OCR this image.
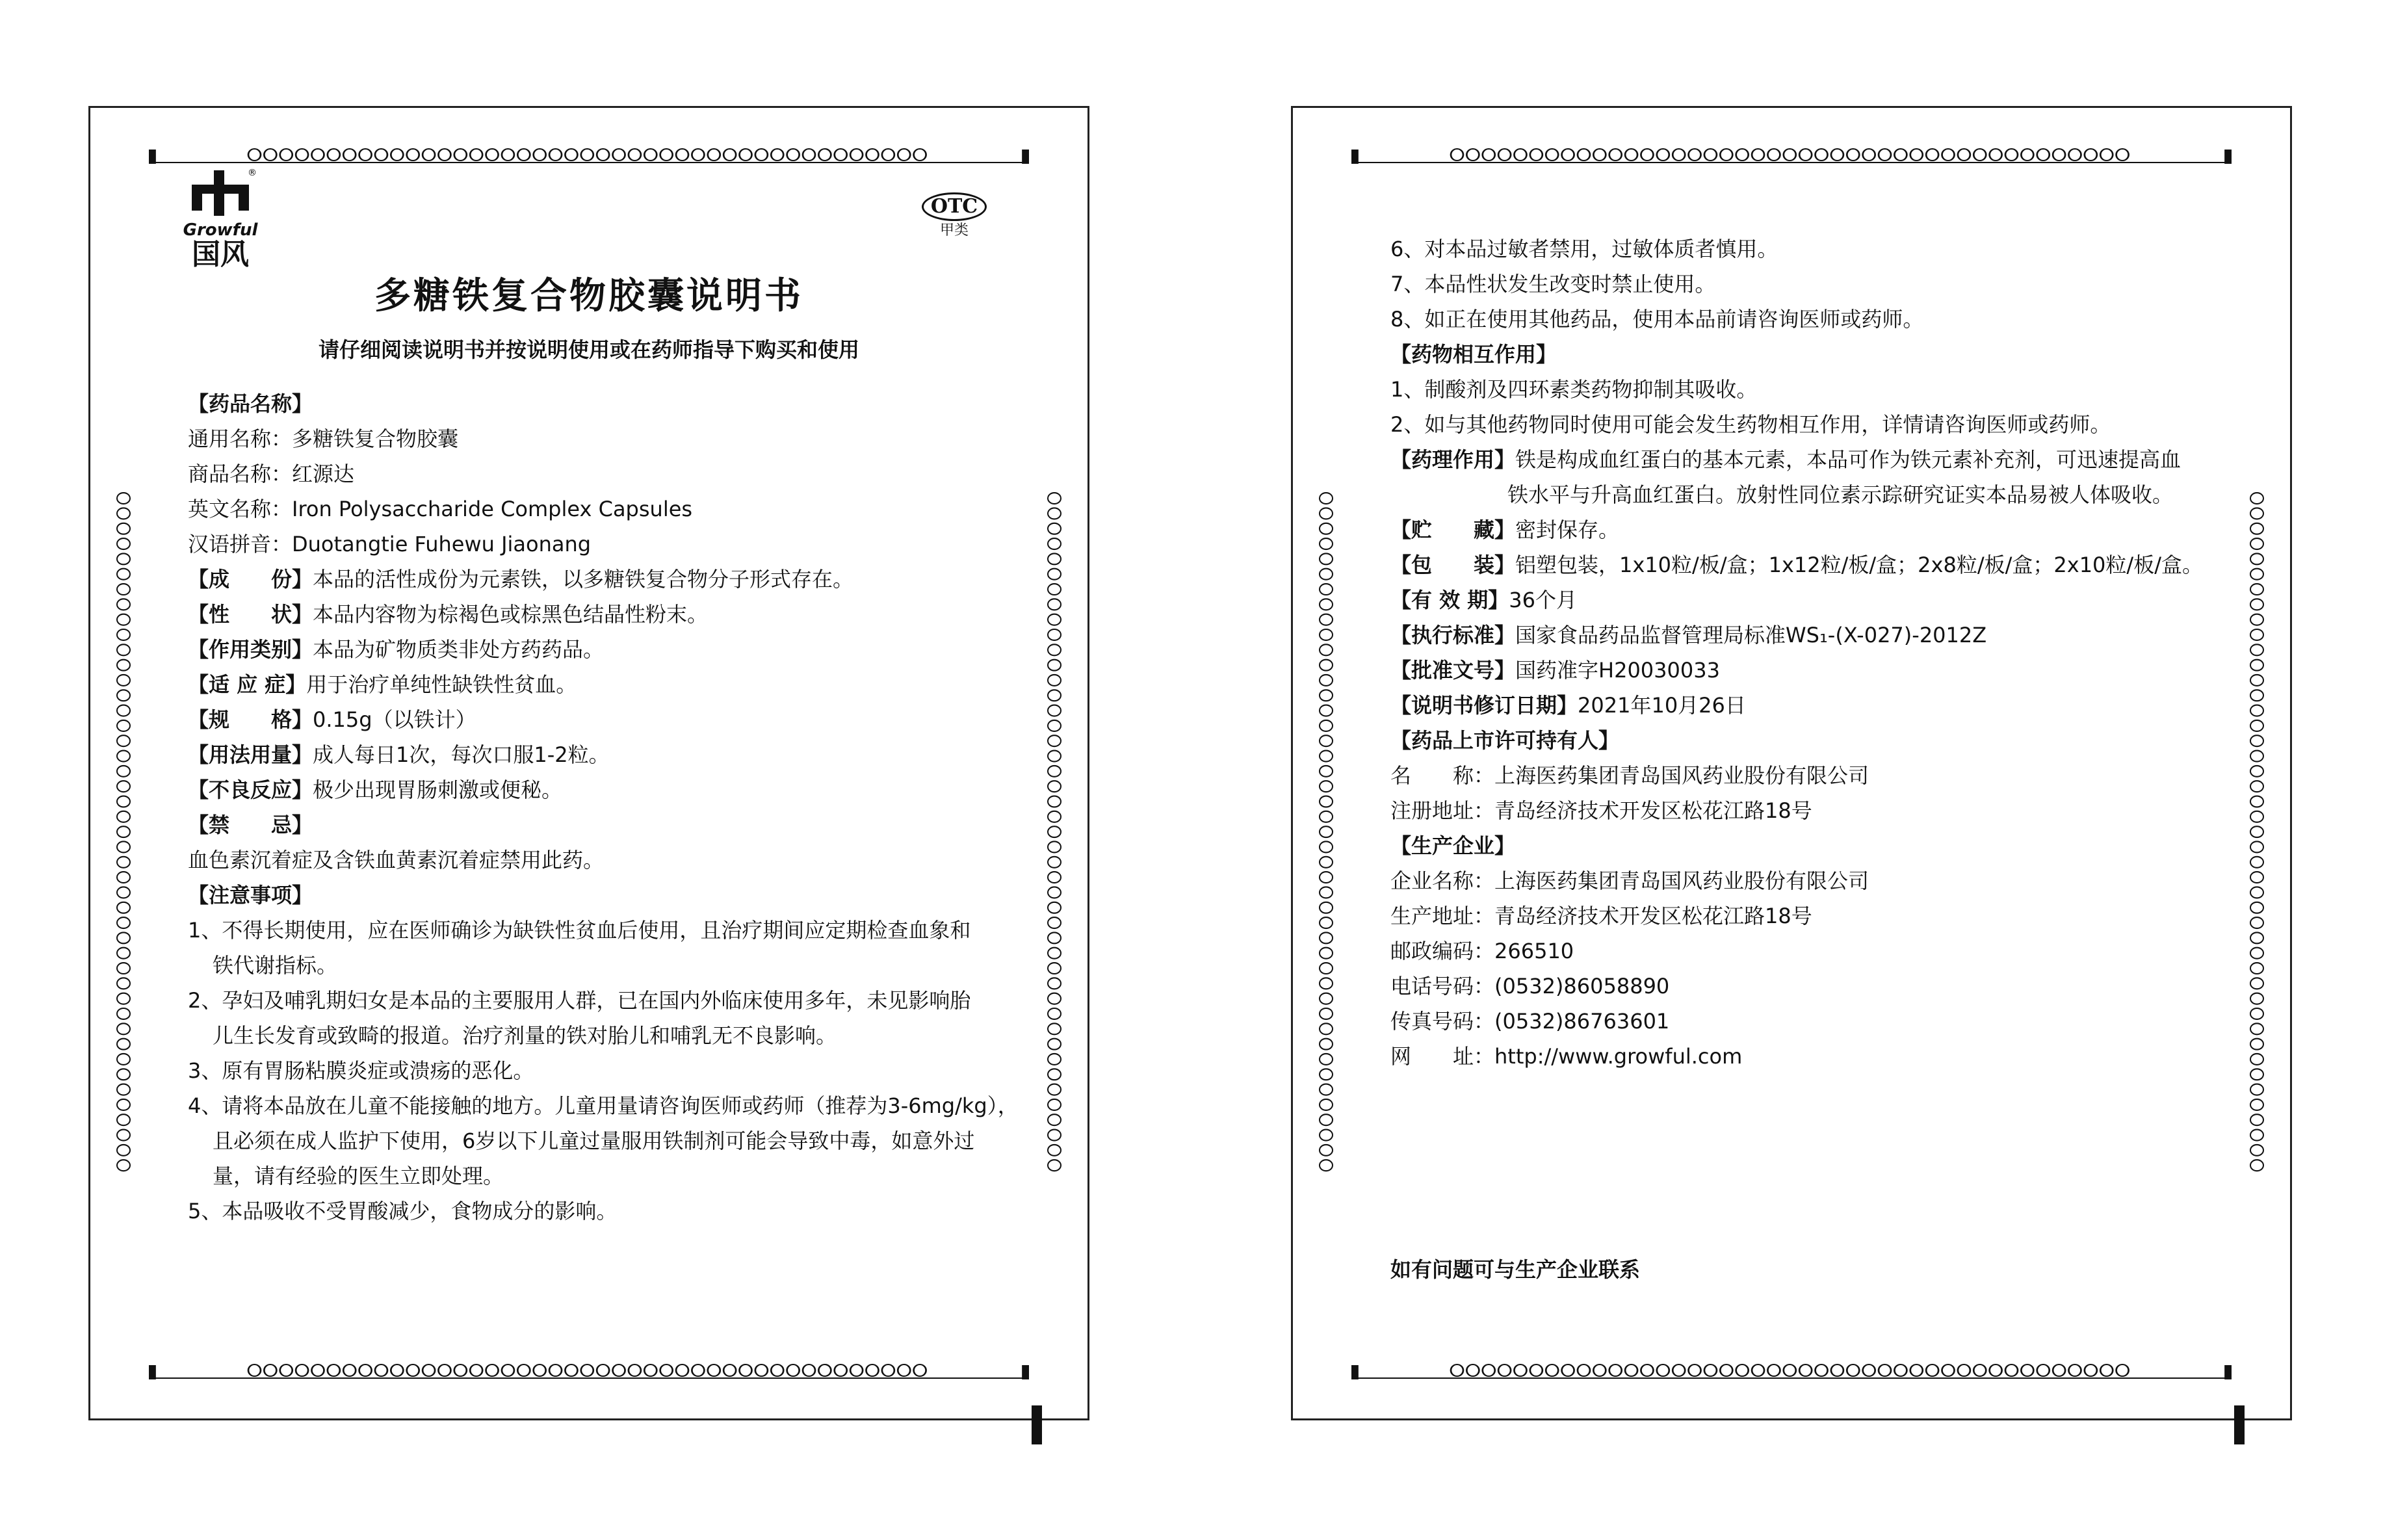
®
Growful
国风
OTC
甲类
多糖铁复合物胶囊说明书
请仔细阅读说明书并按说明使用或在药师指导下购买和使用
【药品名称】
通用名称：多糖铁复合物胶囊
商品名称：红源达
英文名称：Iron Polysaccharide Complex Capsules
汉语拼音：Duotangtie Fuhewu Jiaonang
【成　　份】本品的活性成份为元素铁，以多糖铁复合物分子形式存在。
【性　　状】本品内容物为棕褐色或棕黑色结晶性粉末。
【作用类别】本品为矿物质类非处方药药品。
【适 应 症】用于治疗单纯性缺铁性贫血。
【规　　格】0.15g（以铁计）
【用法用量】成人每日1次，每次口服1-2粒。
【不良反应】极少出现胃肠刺激或便秘。
【禁　　忌】
血色素沉着症及含铁血黄素沉着症禁用此药。
【注意事项】
1、不得长期使用，应在医师确诊为缺铁性贫血后使用，且治疗期间应定期检查血象和
铁代谢指标。
2、孕妇及哺乳期妇女是本品的主要服用人群，已在国内外临床使用多年，未见影响胎
儿生长发育或致畸的报道。治疗剂量的铁对胎儿和哺乳无不良影响。
3、原有胃肠粘膜炎症或溃疡的恶化。
4、请将本品放在儿童不能接触的地方。儿童用量请咨询医师或药师（推荐为3-6mg/kg），
且必须在成人监护下使用，6岁以下儿童过量服用铁制剂可能会导致中毒，如意外过
量，请有经验的医生立即处理。
5、本品吸收不受胃酸减少，食物成分的影响。
6、对本品过敏者禁用，过敏体质者慎用。
7、本品性状发生改变时禁止使用。
8、如正在使用其他药品，使用本品前请咨询医师或药师。
【药物相互作用】
1、制酸剂及四环素类药物抑制其吸收。
2、如与其他药物同时使用可能会发生药物相互作用，详情请咨询医师或药师。
【药理作用】铁是构成血红蛋白的基本元素，本品可作为铁元素补充剂，可迅速提高血
铁水平与升高血红蛋白。放射性同位素示踪研究证实本品易被人体吸收。
【贮　　藏】密封保存。
【包　　装】铝塑包装，1x10粒/板/盒；1x12粒/板/盒；2x8粒/板/盒；2x10粒/板/盒。
【有 效 期】36个月
【执行标准】国家食品药品监督管理局标准WS₁-(X-027)-2012Z
【批准文号】国药准字H20030033
【说明书修订日期】2021年10月26日
【药品上市许可持有人】
名　　称：上海医药集团青岛国风药业股份有限公司
注册地址：青岛经济技术开发区松花江路18号
【生产企业】
企业名称：上海医药集团青岛国风药业股份有限公司
生产地址：青岛经济技术开发区松花江路18号
邮政编码：266510
电话号码：(0532)86058890
传真号码：(0532)86763601
网　　址：http://www.growful.com
如有问题可与生产企业联系
